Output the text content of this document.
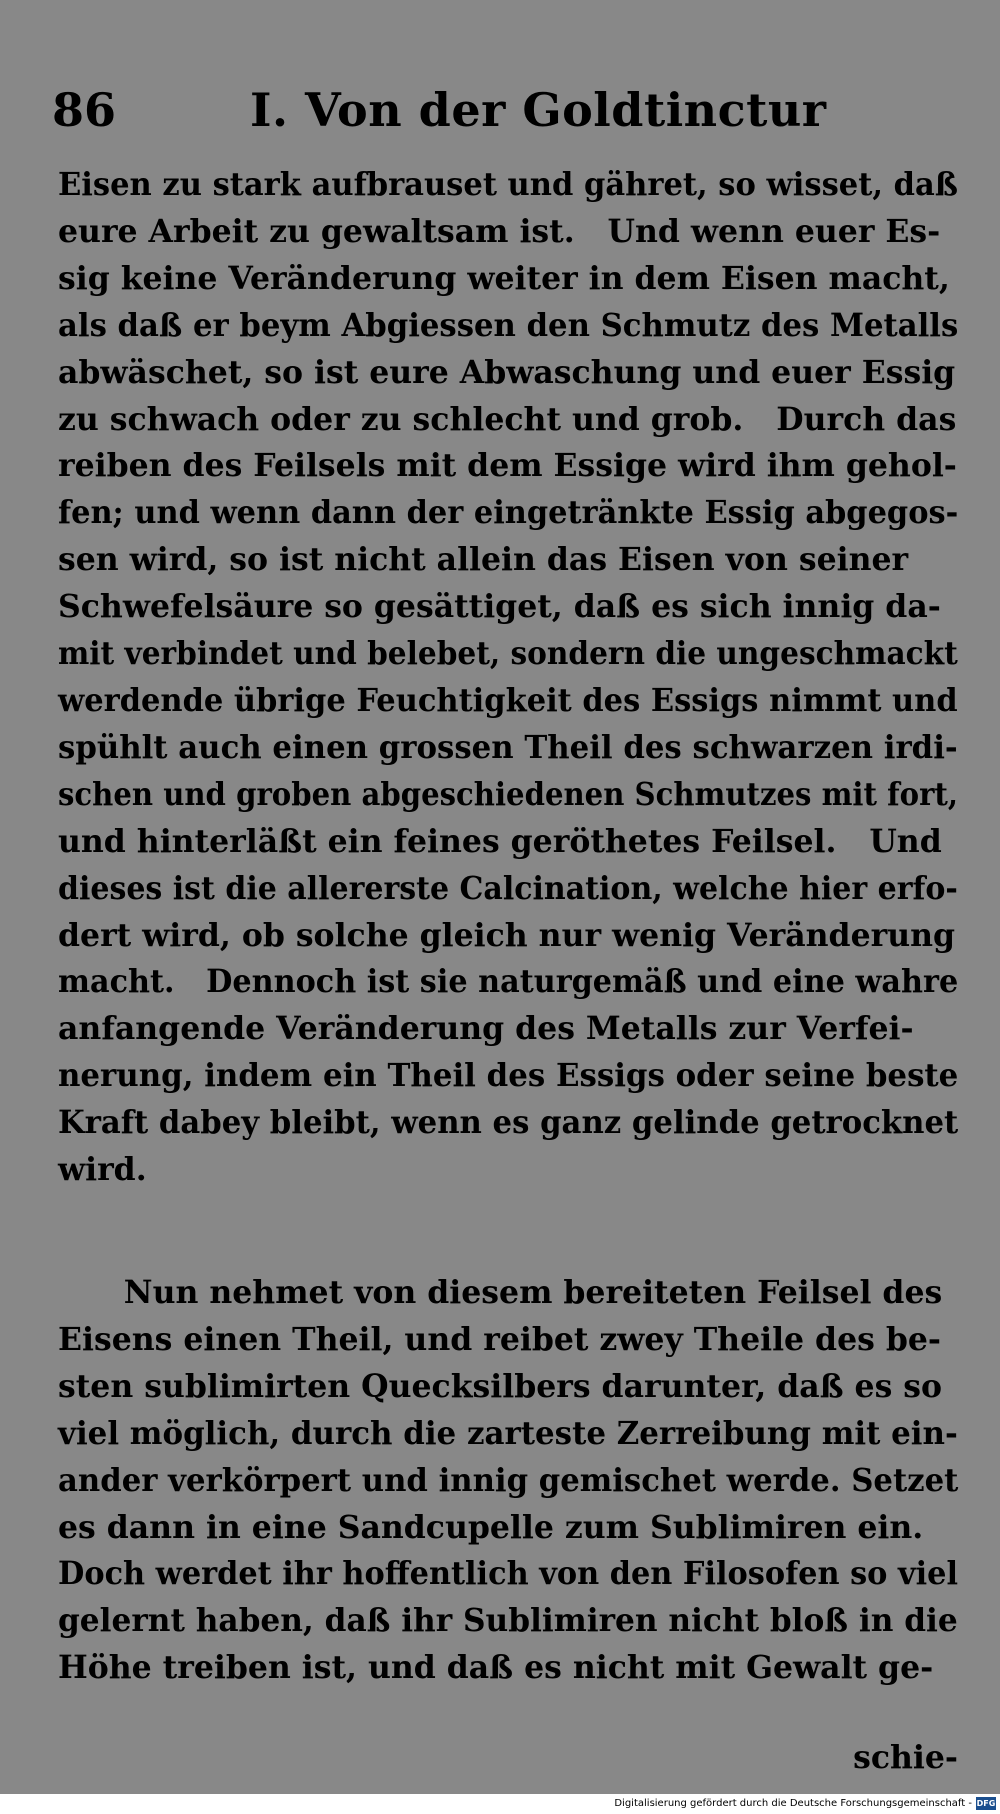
86	I. Von der Goldtinctur
Eisen zu stark aufbrauset und gähret, so wisset, daß
eure Arbeit zu gewaltsam ist.   Und wenn euer Es-
sig keine Veränderung weiter in dem Eisen macht,
als daß er beym Abgiessen den Schmutz des Metalls
abwäschet, so ist eure Abwaschung und euer Essig
zu schwach oder zu schlecht und grob.   Durch das
reiben des Feilsels mit dem Essige wird ihm gehol-
fen; und wenn dann der eingetränkte Essig abgegos-
sen wird, so ist nicht allein das Eisen von seiner
Schwefelsäure so gesättiget, daß es sich innig da-
mit verbindet und belebet, sondern die ungeschmackt
werdende übrige Feuchtigkeit des Essigs nimmt und
spühlt auch einen grossen Theil des schwarzen irdi-
schen und groben abgeschiedenen Schmutzes mit fort,
und hinterläßt ein feines geröthetes Feilsel.   Und
dieses ist die allererste Calcination, welche hier erfo-
dert wird, ob solche gleich nur wenig Veränderung
macht.   Dennoch ist sie naturgemäß und eine wahre
anfangende Veränderung des Metalls zur Verfei-
nerung, indem ein Theil des Essigs oder seine beste
Kraft dabey bleibt, wenn es ganz gelinde getrocknet
wird.
Nun nehmet von diesem bereiteten Feilsel des
Eisens einen Theil, und reibet zwey Theile des be-
sten sublimirten Quecksilbers darunter, daß es so
viel möglich, durch die zarteste Zerreibung mit ein-
ander verkörpert und innig gemischet werde. Setzet
es dann in eine Sandcupelle zum Sublimiren ein.
Doch werdet ihr hoffentlich von den Filosofen so viel
gelernt haben, daß ihr Sublimiren nicht bloß in die
Höhe treiben ist, und daß es nicht mit Gewalt ge-
schie-
Digitalisierung gefördert durch die Deutsche Forschungsgemeinschaft - DFG
